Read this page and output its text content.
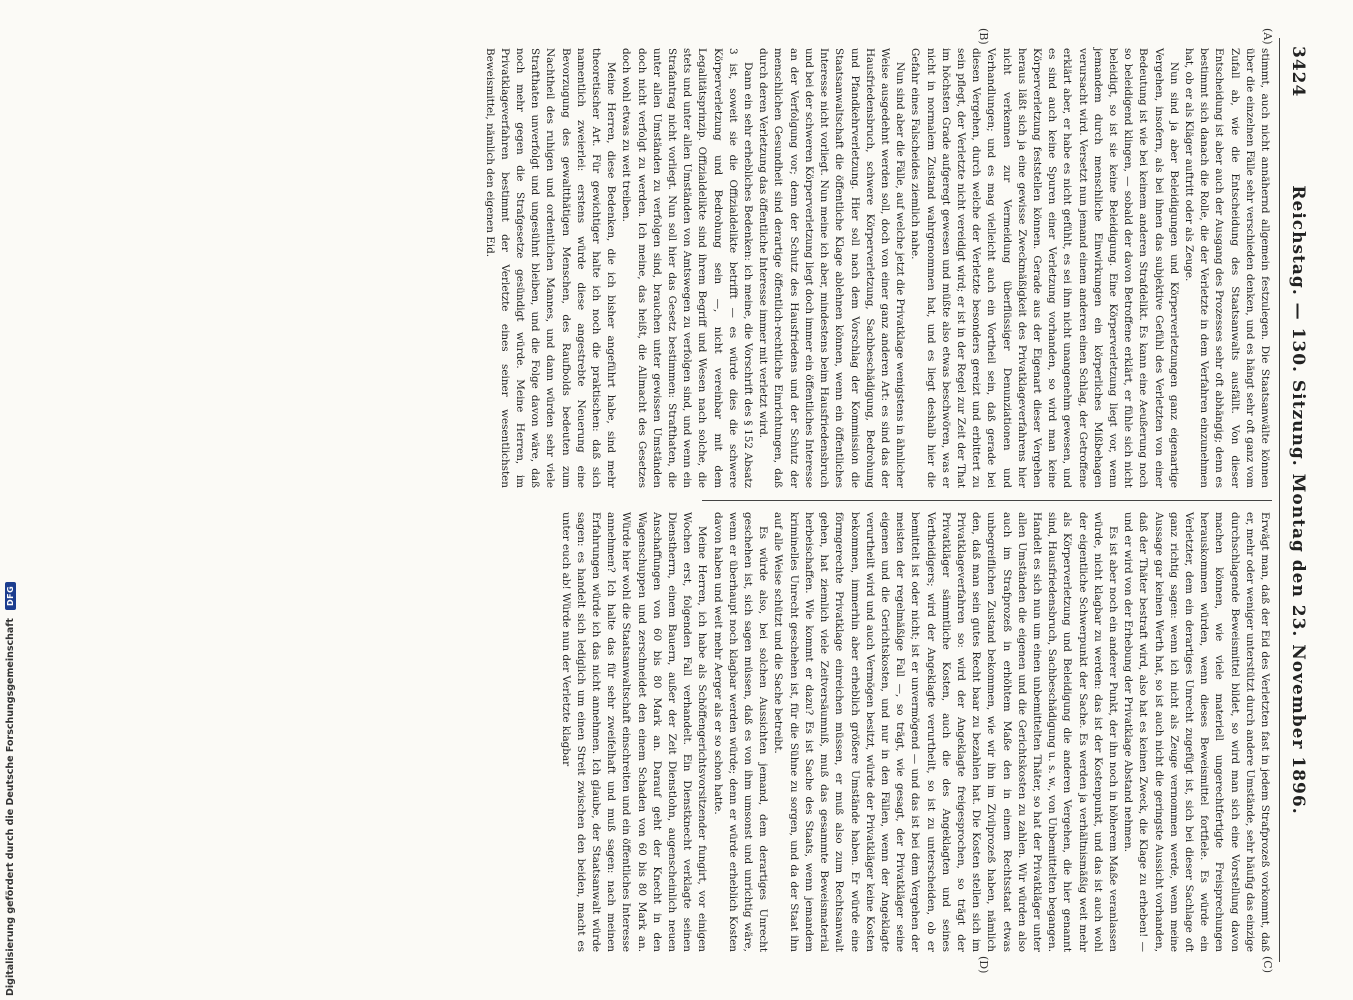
3424
Reichstag. — 130. Sitzung. Montag den 23. November 1896.
(A)
(B)
(C)
(D)

stimmt, auch nicht annähernd allgemein festzulegen. Die Staatsanwälte können über die einzelnen Fälle sehr verschieden denken, und es hängt sehr oft ganz vom Zufall ab, wie die Entscheidung des Staatsanwalts ausfällt. Von dieser Entscheidung ist aber auch der Ausgang des Prozesses sehr oft abhängig; denn es bestimmt sich danach die Rolle, die der Verletzte in dem Verfahren einzunehmen hat, ob er als Kläger auftritt oder als Zeuge.

Nun sind ja aber Beleidigungen und Körperverletzungen ganz eigenartige Vergehen, insofern, als bei ihnen das subjektive Gefühl des Verletzten von einer Bedeutung ist wie bei keinem anderen Strafdelikt. Es kann eine Aeußerung noch so beleidigend klingen, — sobald der davon Betroffene erklärt, er fühle sich nicht beleidigt, so ist sie keine Beleidigung. Eine Körperverletzung liegt vor, wenn jemandem durch menschliche Einwirkungen ein körperliches Mißbehagen verursacht wird. Versetzt nun jemand einem anderen einen Schlag, der Getroffene erklärt aber, er habe es nicht gefühlt, es sei ihm nicht unangenehm gewesen, und es sind auch keine Spuren einer Verletzung vorhanden, so wird man keine Körperverletzung feststellen können. Gerade aus der Eigenart dieser Vergehen heraus läßt sich ja eine gewisse Zweckmäßigkeit des Privatklageverfahrens hier nicht verkennen zur Vermeidung überflüssiger Denunziationen und Verhandlungen; und es mag vielleicht auch ein Vortheil sein, daß gerade bei diesen Vergehen, durch welche der Verletzte besonders gereizt und erbittert zu sein pflegt, der Verletzte nicht vereidigt wird; er ist in der Regel zur Zeit der That im höchsten Grade aufgeregt gewesen und müßte also etwas beschwören, was er nicht in normalem Zustand wahrgenommen hat, und es liegt deshalb hier die Gefahr eines Falscheides ziemlich nahe.

Nun sind aber die Fälle, auf welche jetzt die Privatklage wenigstens in ähnlicher Weise ausgedehnt werden soll, doch von einer ganz anderen Art: es sind das der Hausfriedensbruch, schwere Körperverletzung, Sachbeschädigung, Bedrohung und Pfandkehrverletzung. Hier soll nach dem Vorschlag der Kommission die Staatsanwaltschaft die öffentliche Klage ablehnen können, wenn ein öffentliches Interesse nicht vorliegt. Nun meine ich aber, mindestens beim Hausfriedensbruch und bei der schweren Körperverletzung liegt doch immer ein öffentliches Interesse an der Verfolgung vor; denn der Schutz des Hausfriedens und der Schutz der menschlichen Gesundheit sind derartige öffentlich-rechtliche Einrichtungen, daß durch deren Verletzung das öffentliche Interesse immer mit verletzt wird.

Dann ein sehr erhebliches Bedenken: ich meine, die Vorschrift des § 152 Absatz 3 ist, soweit sie die Offizialdelikte betrifft — es würde dies die schwere Körperverletzung und Bedrohung sein —, nicht vereinbar mit dem Legalitätsprinzip. Offizialdelikte sind ihrem Begriff und Wesen nach solche, die stets und unter allen Umständen von Amtswegen zu verfolgen sind, und wenn ein Strafantrag nicht vorliegt. Nun soll hier das Gesetz bestimmen: Strafthaten, die unter allen Umständen zu verfolgen sind, brauchen unter gewissen Umständen doch nicht verfolgt zu werden. Ich meine, das heißt, die Allmacht des Gesetzes doch wohl etwas zu weit treiben.

Meine Herren, diese Bedenken, die ich bisher angeführt habe, sind mehr theoretischer Art. Für gewichtiger halte ich noch die praktischen: daß sich namentlich zweierlei: erstens würde diese angestrebte Neuerung eine Bevorzugung des gewaltthätigen Menschen, des Raufbolds bedeuten zum Nachtheil des ruhigen und ordentlichen Mannes, und dann würden sehr viele Strafthaten unverfolgt und ungesühnt bleiben, und die Folge davon wäre, daß noch mehr gegen die Strafgesetze gesündigt würde. Meine Herren, im Privatklageverfahren bestimmt der Verletzte eines seiner wesentlichsten Beweismittel, nämlich den eigenen Eid.

Erwägt man, daß der Eid des Verletzten fast in jedem Strafprozeß vorkommt, daß er, mehr oder weniger unterstützt durch andere Umstände, sehr häufig das einzige durchschlagende Beweismittel bildet, so wird man sich eine Vorstellung davon machen können, wie viele materiell ungerechtfertigte Freisprechungen herauskommen würden, wenn dieses Beweismittel fortfiele. Es würde ein Verletzter, dem ein derartiges Unrecht zugefügt ist, sich bei dieser Sachlage oft ganz richtig sagen: wenn ich nicht als Zeuge vernommen werde, wenn meine Aussage gar keinen Werth hat, so ist auch nicht die geringste Aussicht vorhanden, daß der Thäter bestraft wird, also hat es keinen Zweck, die Klage zu erheben! — und er wird von der Erhebung der Privatklage Abstand nehmen.

Es ist aber noch ein anderer Punkt, der ihn noch in höherem Maße veranlassen würde, nicht klagbar zu werden: das ist der Kostenpunkt, und das ist auch wohl der eigentliche Schwerpunkt der Sache. Es werden ja verhältnismäßig weit mehr als Körperverletzung und Beleidigung die anderen Vergehen, die hier genannt sind, Hausfriedensbruch, Sachbeschädigung u. s. w., von Unbemittelten begangen. Handelt es sich nun um einen unbemittelten Thäter, so hat der Privatkläger unter allen Umständen die eigenen und die Gerichtskosten zu zahlen. Wir würden also auch im Strafprozeß in erhöhtem Maße den in einem Rechtsstaat etwas unbegreiflichen Zustand bekommen, wie wir ihn im Zivilprozeß haben, nämlich den, daß man sein gutes Recht baar zu bezahlen hat. Die Kosten stellen sich im Privatklageverfahren so: wird der Angeklagte freigesprochen, so trägt der Privatkläger sämmtliche Kosten, auch die des Angeklagten und seines Vertheidigers; wird der Angeklagte verurtheilt, so ist zu unterscheiden, ob er bemittelt ist oder nicht; ist er unvermögend — und das ist bei dem Vergehen der meisten der regelmäßige Fall —, so trägt, wie gesagt, der Privatkläger seine eigenen und die Gerichtskosten, und nur in den Fällen, wenn der Angeklagte verurtheilt wird und auch Vermögen besitzt, würde der Privatkläger keine Kosten bekommen, immerhin aber erheblich größere Umstände haben. Er würde eine förmgerechte Privatklage einreichen müssen, er muß also zum Rechtsanwalt gehen, hat ziemlich viele Zeitversäumniß, muß das gesammte Beweismaterial herbeischaffen. Wie kommt er dazu? Es ist Sache des Staats, wenn jemandem kriminelles Unrecht geschehen ist, für die Sühne zu sorgen, und da der Staat ihn auf alle Weise schützt und die Sache betreibt.

Es würde also, bei solchen Aussichten jemand, dem derartiges Unrecht geschehen ist, sich sagen müssen, daß es von ihm umsonst und unrichtig wäre, wenn er überhaupt noch klagbar werden würde; denn er würde erheblich Kosten davon haben und weit mehr Aerger als er so schon hatte.

Meine Herren, ich habe als Schöffengerichtsvorsitzender fungirt, vor einigen Wochen erst, folgenden Fall verhandelt. Ein Dienstknecht verklagte seinen Dienstherrn, einem Bauern, außer der Zeit Dienstlohn, augenscheinlich neuen Anschaffungen von 60 bis 80 Mark an. Darauf geht der Knecht in den Wagenschuppen und zerschneidet den einem Schaden von 60 bis 80 Mark an. Würde hier wohl die Staatsanwaltschaft einschreiten und ein öffentliches Interesse annehmen? Ich halte das für sehr zweifelhaft und muß sagen: nach meinen Erfahrungen würde ich das nicht annehmen. Ich glaube, der Staatsanwalt würde sagen: es handelt sich lediglich um einen Streit zwischen den beiden, macht es unter euch ab! Würde nun der Verletzte klagbar

Digitalisierung gefördert durch die Deutsche Forschungsgemeinschaft
DFG
